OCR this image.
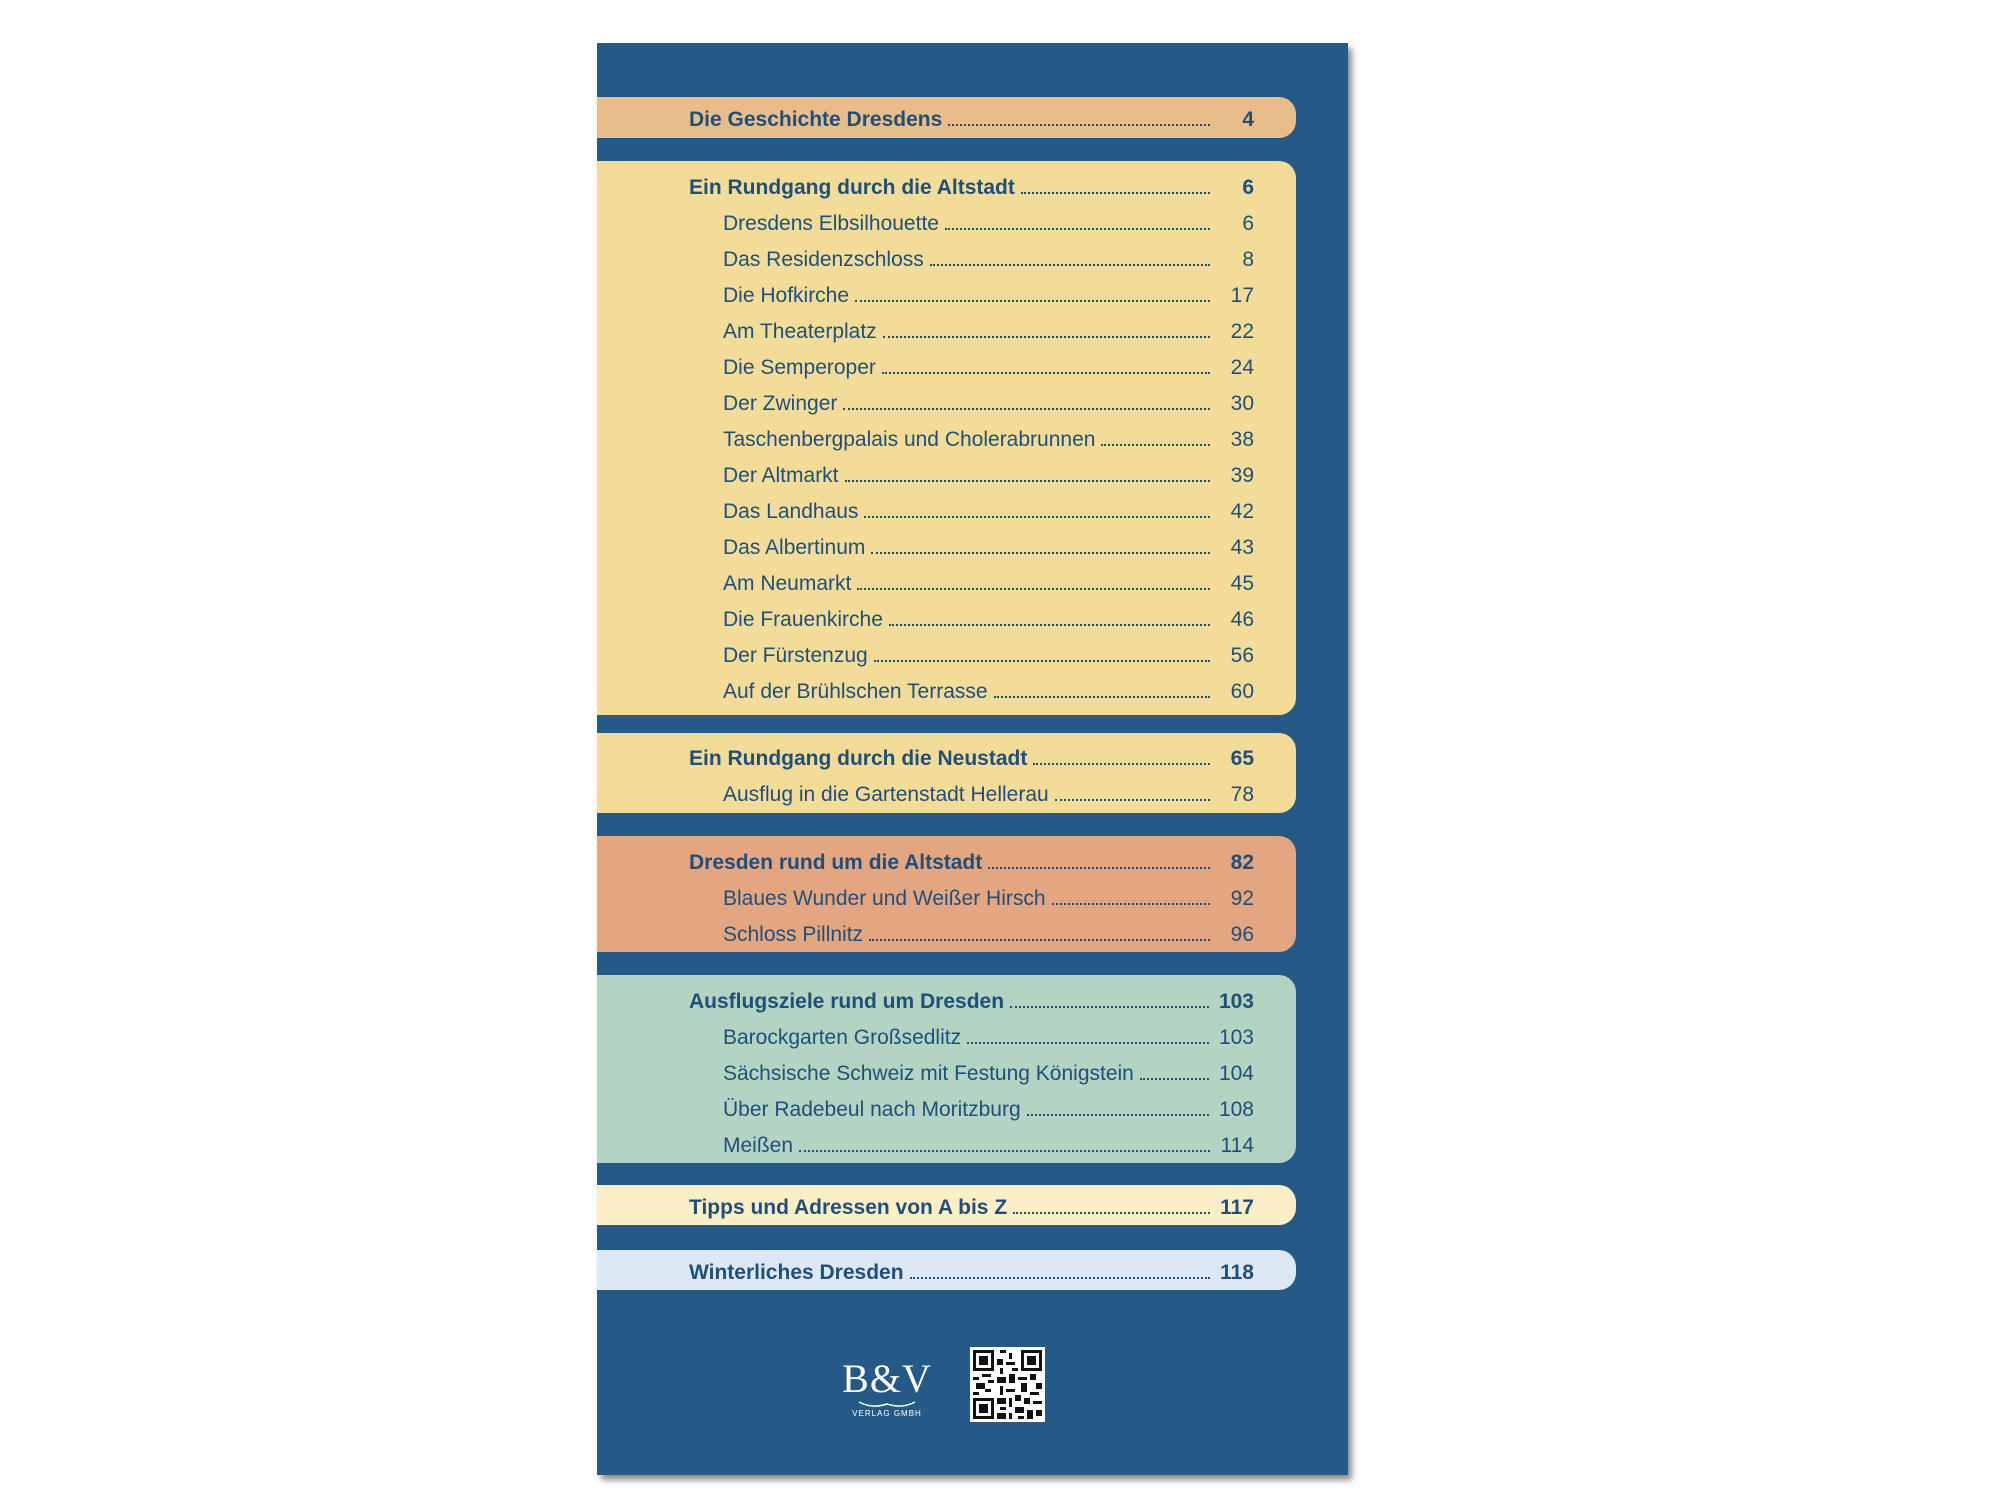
Die Geschichte Dresdens	4
Ein Rundgang durch die Altstadt	6
Dresdens Elbsilhouette	6
Das Residenzschloss	8
Die Hofkirche	17
Am Theaterplatz	22
Die Semperoper	24
Der Zwinger	30
Taschenbergpalais und Cholerabrunnen	38
Der Altmarkt	39
Das Landhaus	42
Das Albertinum	43
Am Neumarkt	45
Die Frauenkirche	46
Der Fürstenzug	56
Auf der Brühlschen Terrasse	60
Ein Rundgang durch die Neustadt	65
Ausflug in die Gartenstadt Hellerau	78
Dresden rund um die Altstadt	82
Blaues Wunder und Weißer Hirsch	92
Schloss Pillnitz	96
Ausflugsziele rund um Dresden	103
Barockgarten Großsedlitz	103
Sächsische Schweiz mit Festung Königstein	104
Über Radebeul nach Moritzburg	108
Meißen	114
Tipps und Adressen von A bis Z	117
Winterliches Dresden	118
B&V
VERLAG GMBH
